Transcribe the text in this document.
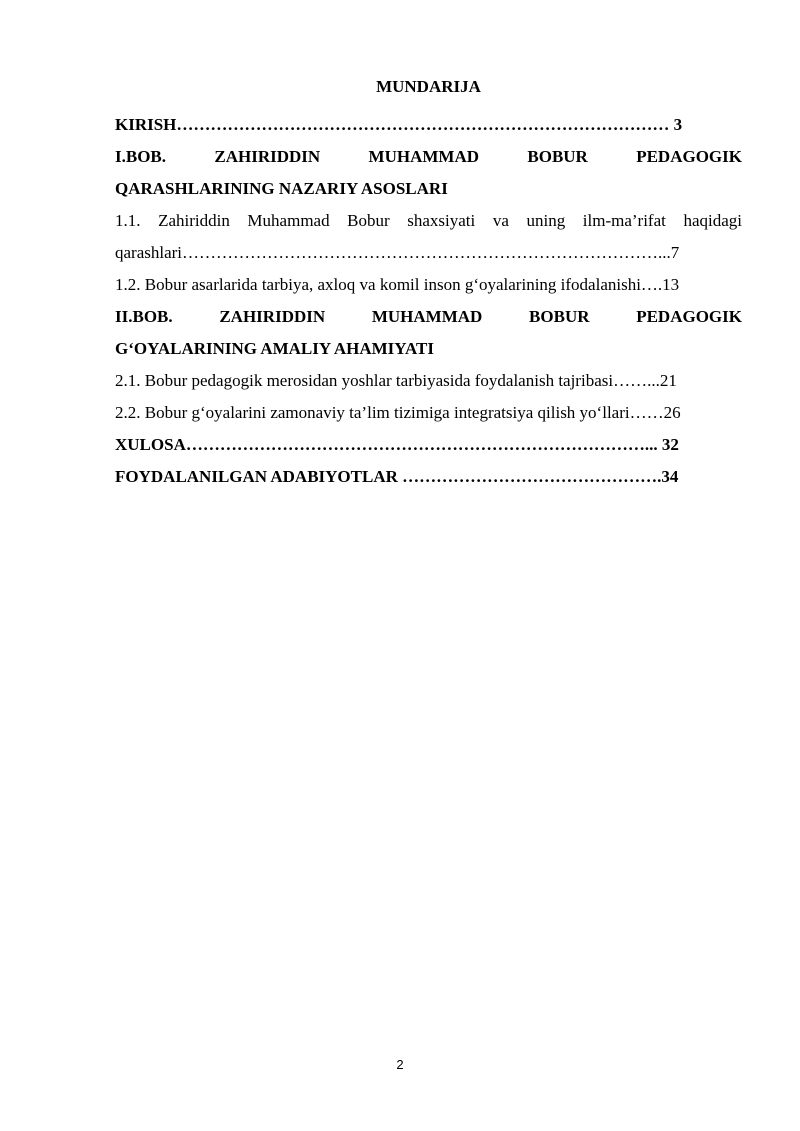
MUNDARIJA
KIRISH…………………………………………………………………………… 3
I.BOB. ZAHIRIDDIN MUHAMMAD BOBUR PEDAGOGIK
QARASHLARINING NAZARIY ASOSLARI
1.1. Zahiriddin Muhammad Bobur shaxsiyati va uning ilm-ma’rifat haqidagi
qarashlari…………………………………………………………………………...7
1.2. Bobur asarlarida tarbiya, axloq va komil inson g‘oyalarining ifodalanishi….13
II.BOB. ZAHIRIDDIN MUHAMMAD BOBUR PEDAGOGIK
G‘OYALARINING AMALIY AHAMIYATI
2.1. Bobur pedagogik merosidan yoshlar tarbiyasida foydalanish tajribasi……...21
2.2. Bobur g‘oyalarini zamonaviy ta’lim tizimiga integratsiya qilish yo‘llari……26
XULOSA………………………………………………………………………... 32
FOYDALANILGAN ADABIYOTLAR ……………………………………….34
2
